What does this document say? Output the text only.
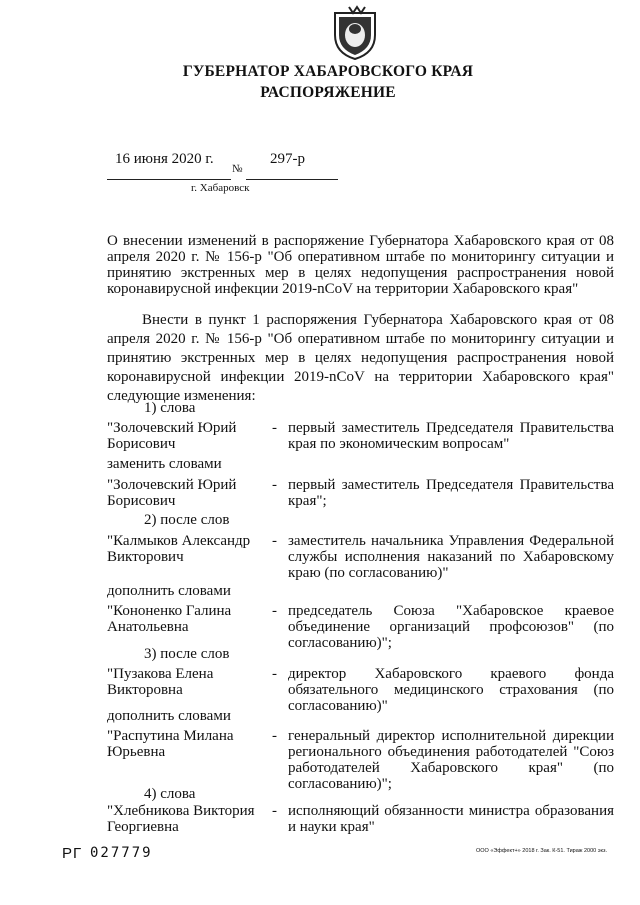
ГУБЕРНАТОР ХАБАРОВСКОГО КРАЯ
РАСПОРЯЖЕНИЕ
16 июня 2020 г.
№
297-р
г. Хабаровск
О внесении изменений в распоряжение Губернатора Хабаровского края от 08 апреля 2020 г. № 156-р "Об оперативном штабе по мониторингу ситуации и принятию экстренных мер в целях недопущения распространения новой коронавирусной инфекции 2019-nCoV на территории Хабаровского края"
Внести в пункт 1 распоряжения Губернатора Хабаровского края от 08 апреля 2020 г. № 156-р "Об оперативном штабе по мониторингу ситуации и принятию экстренных мер в целях недопущения распространения новой коронавирусной инфекции 2019-nCoV на территории Хабаровского края" следующие изменения:
1) слова
"Золочевский Юрий Борисович
- первый заместитель Председателя Правительства края по экономическим вопросам"
заменить словами
"Золочевский Юрий Борисович
- первый заместитель Председателя Правительства края";
2) после слов
"Калмыков Александр Викторович
- заместитель начальника Управления Федеральной службы исполнения наказаний по Хабаровскому краю (по согласованию)"
дополнить словами
"Кононенко Галина Анатольевна
- председатель Союза "Хабаровское краевое объединение организаций профсоюзов" (по согласованию)";
3) после слов
"Пузакова Елена Викторовна
- директор Хабаровского краевого фонда обязательного медицинского страхования (по согласованию)"
дополнить словами
"Распутина Милана Юрьевна
- генеральный директор исполнительной дирекции регионального объединения работодателей "Союз работодателей Хабаровского края" (по согласованию)";
4) слова
"Хлебникова Виктория Георгиевна
- исполняющий обязанности министра образования и науки края"
РГ 027779	ООО «Эффект+» 2018 г. Зак. К-51. Тираж 2000 экз.
